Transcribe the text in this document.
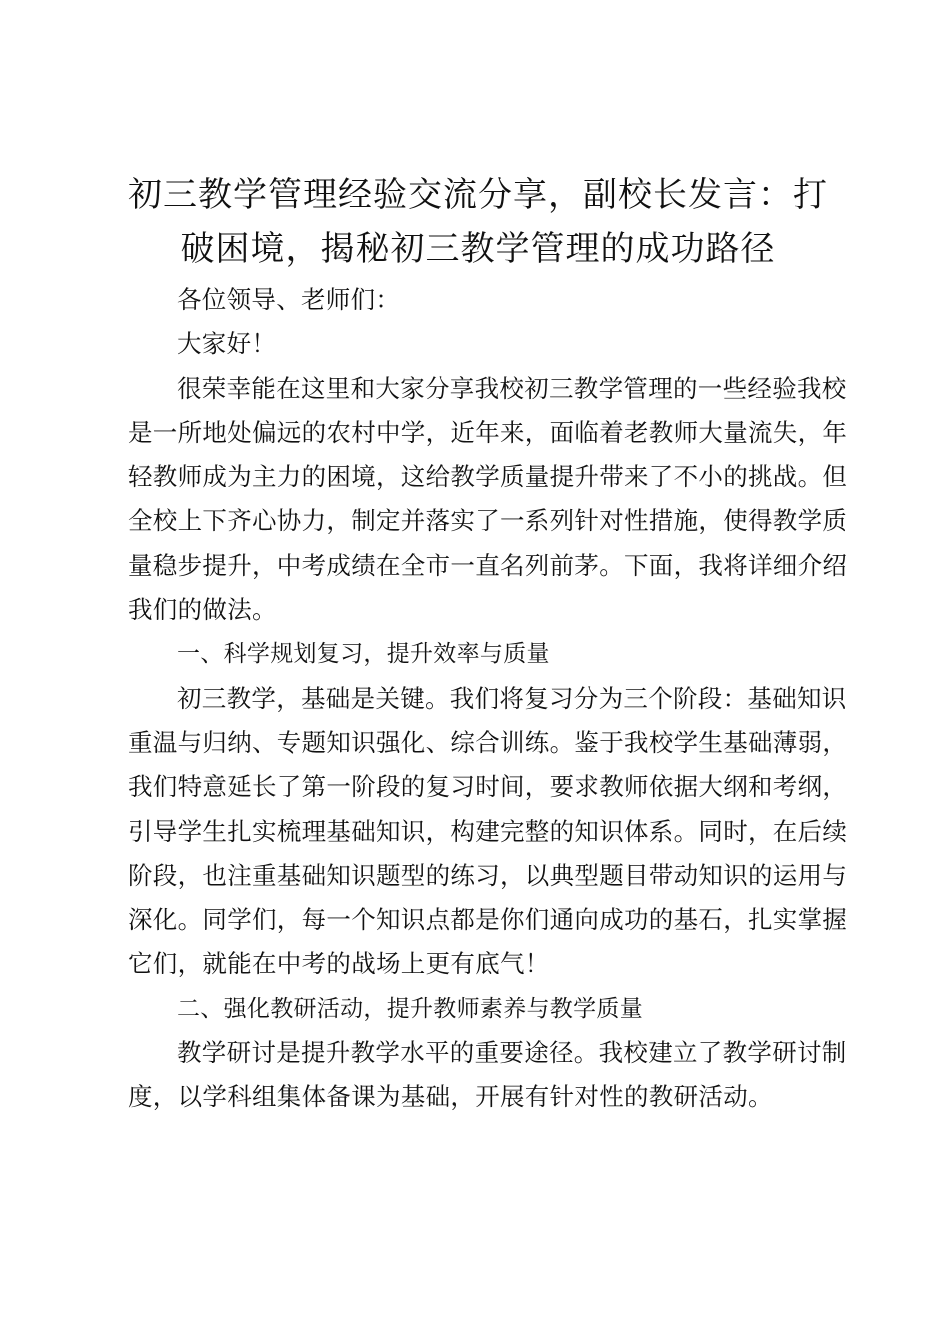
初三教学管理经验交流分享，副校长发言：打破困境，揭秘初三教学管理的成功路径

各位领导、老师们：

大家好！

很荣幸能在这里和大家分享我校初三教学管理的一些经验我校是一所地处偏远的农村中学，近年来，面临着老教师大量流失，年轻教师成为主力的困境，这给教学质量提升带来了不小的挑战。但全校上下齐心协力，制定并落实了一系列针对性措施，使得教学质量稳步提升，中考成绩在全市一直名列前茅。下面，我将详细介绍我们的做法。

一、科学规划复习，提升效率与质量

初三教学，基础是关键。我们将复习分为三个阶段：基础知识重温与归纳、专题知识强化、综合训练。鉴于我校学生基础薄弱，我们特意延长了第一阶段的复习时间，要求教师依据大纲和考纲，引导学生扎实梳理基础知识，构建完整的知识体系。同时，在后续阶段，也注重基础知识题型的练习，以典型题目带动知识的运用与深化。同学们，每一个知识点都是你们通向成功的基石，扎实掌握它们，就能在中考的战场上更有底气！

二、强化教研活动，提升教师素养与教学质量

教学研讨是提升教学水平的重要途径。我校建立了教学研讨制度，以学科组集体备课为基础，开展有针对性的教研活动。
